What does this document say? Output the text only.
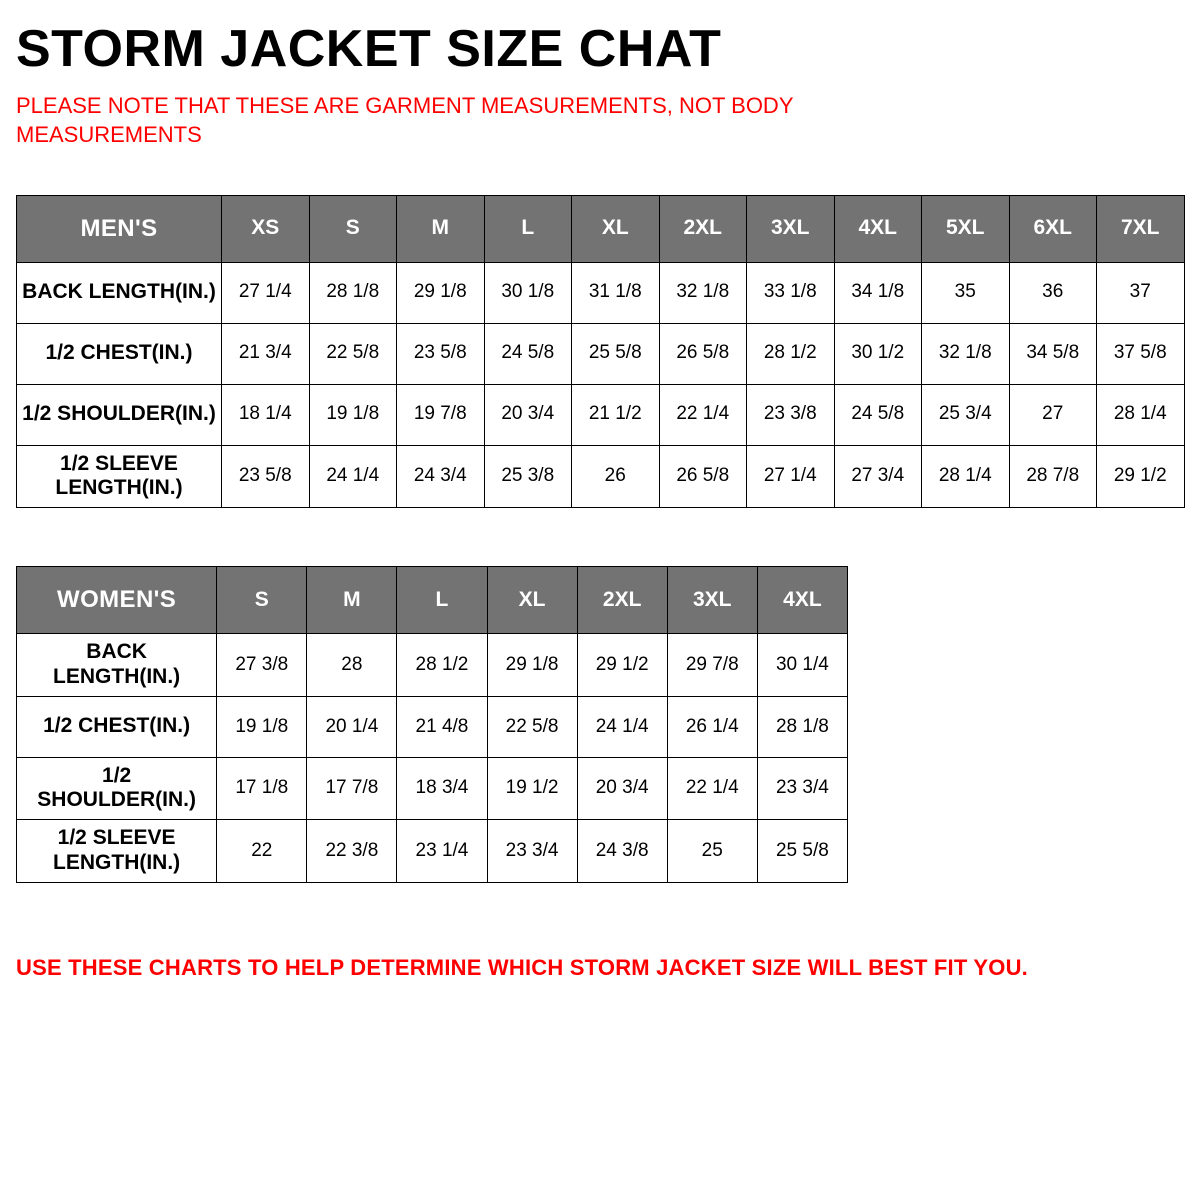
STORM JACKET SIZE CHAT

PLEASE NOTE THAT THESE ARE GARMENT MEASUREMENTS, NOT BODY MEASUREMENTS

MEN'S	XS	S	M	L	XL	2XL	3XL	4XL	5XL	6XL	7XL
BACK LENGTH(IN.)	27 1/4	28 1/8	29 1/8	30 1/8	31 1/8	32 1/8	33 1/8	34 1/8	35	36	37
1/2 CHEST(IN.)	21 3/4	22 5/8	23 5/8	24 5/8	25 5/8	26 5/8	28 1/2	30 1/2	32 1/8	34 5/8	37 5/8
1/2 SHOULDER(IN.)	18 1/4	19 1/8	19 7/8	20 3/4	21 1/2	22 1/4	23 3/8	24 5/8	25 3/4	27	28 1/4
1/2 SLEEVE LENGTH(IN.)	23 5/8	24 1/4	24 3/4	25 3/8	26	26 5/8	27 1/4	27 3/4	28 1/4	28 7/8	29 1/2
WOMEN'S	S	M	L	XL	2XL	3XL	4XL
BACK LENGTH(IN.)	27 3/8	28	28 1/2	29 1/8	29 1/2	29 7/8	30 1/4
1/2 CHEST(IN.)	19 1/8	20 1/4	21 4/8	22 5/8	24 1/4	26 1/4	28 1/8
1/2 SHOULDER(IN.)	17 1/8	17 7/8	18 3/4	19 1/2	20 3/4	22 1/4	23 3/4
1/2 SLEEVE LENGTH(IN.)	22	22 3/8	23 1/4	23 3/4	24 3/8	25	25 5/8
USE THESE CHARTS TO HELP DETERMINE WHICH STORM JACKET SIZE WILL BEST FIT YOU.
